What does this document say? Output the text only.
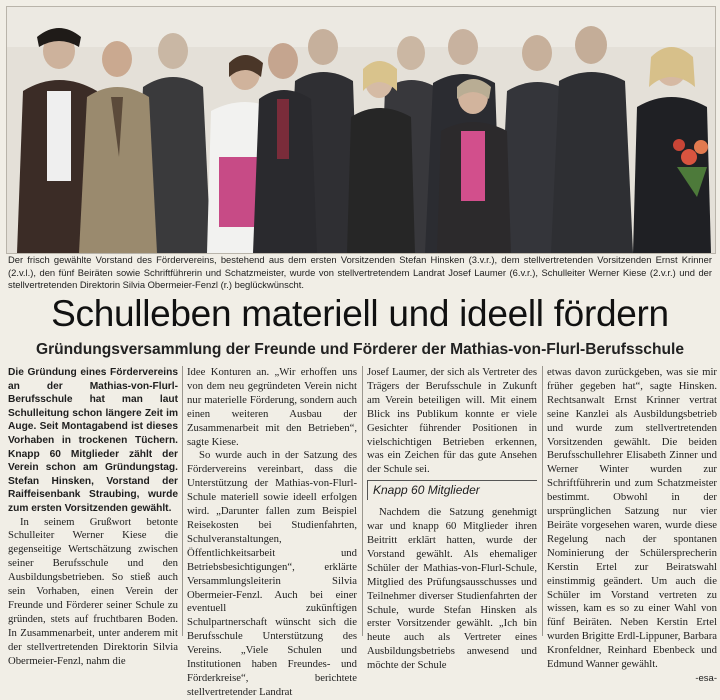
Der frisch gewählte Vorstand des Fördervereins, bestehend aus dem ersten Vorsitzenden Stefan Hinsken (3.v.r.), dem stellvertretenden Vorsitzenden Ernst Krinner (2.v.l.), den fünf Beiräten sowie Schriftführerin und Schatzmeister, wurde von stellvertretendem Landrat Josef Laumer (6.v.r.), Schulleiter Werner Kiese (2.v.r.) und der stellvertretenden Direktorin Silvia Obermeier-Fenzl (r.) beglückwünscht.
Schulleben materiell und ideell fördern
Gründungsversammlung der Freunde und Förderer der Mathias-von-Flurl-Berufsschule

Die Gründung eines Fördervereins an der Mathias-von-Flurl-Berufsschule hat man laut Schulleitung schon längere Zeit im Auge. Seit Montagabend ist dieses Vorhaben in trockenen Tüchern. Knapp 60 Mitglieder zählt der Verein schon am Gründungstag. Stefan Hinsken, Vorstand der Raiffeisenbank Straubing, wurde zum ersten Vorsitzenden gewählt.

In seinem Grußwort betonte Schulleiter Werner Kiese die gegenseitige Wertschätzung zwischen seiner Berufsschule und den Ausbildungsbetrieben. So stieß auch sein Vorhaben, einen Verein der Freunde und Förderer seiner Schule zu gründen, stets auf fruchtbaren Boden. In Zusammenarbeit, unter anderem mit der stellvertretenden Direktorin Silvia Obermeier-Fenzl, nahm die

Idee Konturen an. „Wir erhoffen uns von dem neu gegründeten Verein nicht nur materielle Förderung, sondern auch einen weiteren Ausbau der Zusammenarbeit mit den Betrieben“, sagte Kiese.

So wurde auch in der Satzung des Fördervereins vereinbart, dass die Unterstützung der Mathias-von-Flurl-Schule materiell sowie ideell erfolgen wird. „Darunter fallen zum Beispiel Reisekosten bei Studienfahrten, Schulveranstaltungen, Öffentlichkeitsarbeit und Betriebsbesichtigungen“, erklärte Versammlungsleiterin Silvia Obermeier-Fenzl. Auch bei einer eventuell zukünftigen Schulpartnerschaft wünscht sich die Berufsschule Unterstützung des Vereins. „Viele Schulen und Institutionen haben Freundes- und Förderkreise“, berichtete stellvertretender Landrat

Josef Laumer, der sich als Vertreter des Trägers der Berufsschule in Zukunft am Verein beteiligen will. Mit einem Blick ins Publikum konnte er viele Gesichter führender Positionen in vielschichtigen Betrieben erkennen, was ein Zeichen für das gute Ansehen der Schule sei.

Knapp 60 Mitglieder

Nachdem die Satzung genehmigt war und knapp 60 Mitglieder ihren Beitritt erklärt hatten, wurde der Vorstand gewählt. Als ehemaliger Schüler der Mathias-von-Flurl-Schule, Mitglied des Prüfungsausschusses und Teilnehmer diverser Studienfahrten der Schule, wurde Stefan Hinsken als erster Vorsitzender gewählt. „Ich bin heute auch als Vertreter eines Ausbildungsbetriebs anwesend und möchte der Schule

etwas davon zurückgeben, was sie mir früher gegeben hat“, sagte Hinsken. Rechtsanwalt Ernst Krinner vertrat seine Kanzlei als Ausbildungsbetrieb und wurde zum stellvertretenden Vorsitzenden gewählt. Die beiden Berufsschullehrer Elisabeth Zinner und Werner Winter wurden zur Schriftführerin und zum Schatzmeister bestimmt. Obwohl in der ursprünglichen Satzung nur vier Beiräte vorgesehen waren, wurde diese Regelung nach der spontanen Nominierung der Schülersprecherin Kerstin Ertel zur Beiratswahl einstimmig geändert. Um auch die Schüler im Vorstand vertreten zu wissen, kam es so zu einer Wahl von fünf Beiräten. Neben Kerstin Ertel wurden Brigitte Erdl-Lippuner, Barbara Kronfeldner, Reinhard Ebenbeck und Edmund Wanner gewählt.

-esa-
